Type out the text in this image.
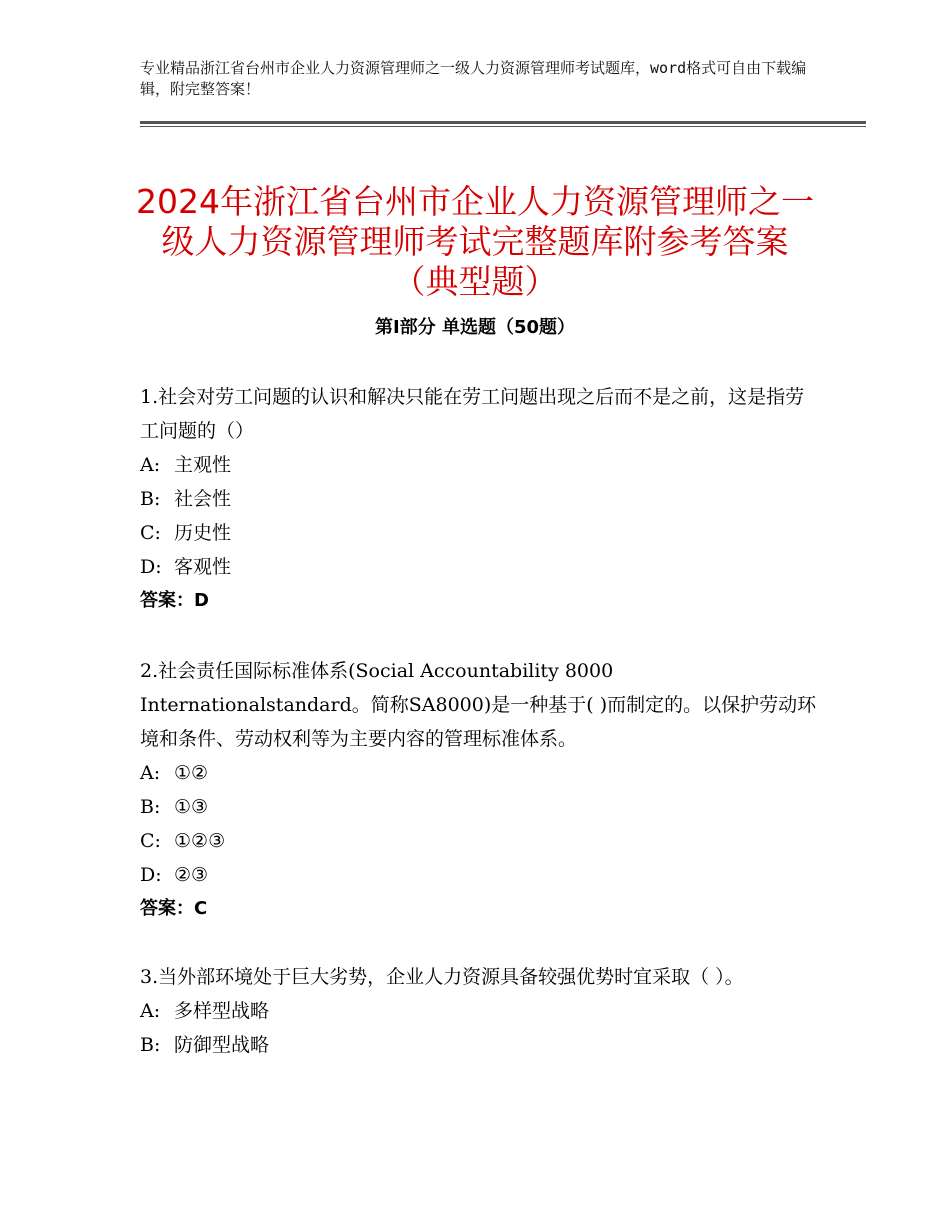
专业精品浙江省台州市企业人力资源管理师之一级人力资源管理师考试题库，word格式可自由下载编辑，附完整答案！
2024年浙江省台州市企业人力资源管理师之一级人力资源管理师考试完整题库附参考答案（典型题）
第Ⅰ部分 单选题（50题）

1.社会对劳工问题的认识和解决只能在劳工问题出现之后而不是之前，这是指劳工问题的（）

A: 主观性

B: 社会性

C: 历史性

D: 客观性

答案：D

2.社会责任国际标准体系(Social Accountability 8000 Internationalstandard。简称SA8000)是一种基于( )而制定的。以保护劳动环境和条件、劳动权利等为主要内容的管理标准体系。

A: ①②

B: ①③

C: ①②③

D: ②③

答案：C

3.当外部环境处于巨大劣势，企业人力资源具备较强优势时宜采取（ ）。

A: 多样型战略

B: 防御型战略
